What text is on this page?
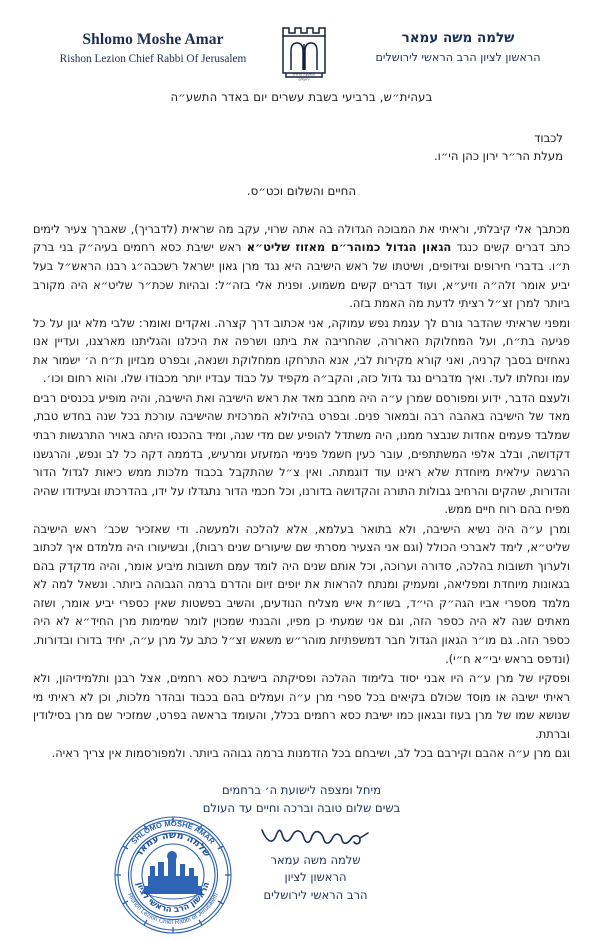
Shlomo Moshe Amar
Rishon Lezion Chief Rabbi Of Jerusalem
המועצה הדתית
ירושלים
שלמה משה עמאר
הראשון לציון הרב הראשי לירושלים
בעהית״ש, ברביעי בשבת עשרים יום באדר התשע״ה
לכבוד
מעלת הר״ר ירון כהן הי״ו.
החיים והשלום וכט״ס.

מכתבך אלי קיבלתי, וראיתי את המבוכה הגדולה בה אתה שרוי, עקב מה שראית (לדבריך), שאברך צעיר לימים כתב דברים קשים כנגד הגאון הגדול כמוהר״ם מאזוז שליט״א ראש ישיבת כסא רחמים בעיה״ק בני ברק ת״ו. בדברי חירופים וגידופים, ושיטתו של ראש הישיבה היא נגד מרן גאון ישראל רשכבה״ג רבנו הראש״ל בעל יביע אומר זלה״ה וזיע״א, ועוד דברים קשים משמוע. ופנית אלי בזה״ל: ובהיות שכת״ר שליט״א היה מקורב ביותר למרן זצ״ל רציתי לדעת מה האמת בזה.

ומפני שראיתי שהדבר גורם לך עגמת נפש עמוקה, אני אכתוב דרך קצרה. ואקדים ואומר: שלבי מלא יגון על כל פגיעה בת״ח, ועל המחלוקת הארורה, שהחריבה את ביתנו ושרפה את היכלנו והגליתנו מארצנו, ועדיין אנו נאחזים בסבך קרניה, ואני קורא מקירות לבי, אנא התרחקו ממחלוקת ושנאה, ובפרט מבזיון ת״ח ה׳ ישמור את עמו ונחלתו לעד. ואיך מדברים נגד גדול כזה, והקב״ה מקפיד על כבוד עבדיו יותר מכבודו שלו. והוא רחום וכו׳.

ולעצם הדבר, ידוע ומפורסם שמרן ע״ה היה מחבב מאד את ראש הישיבה ואת הישיבה, והיה מופיע בכנסים רבים מאד של הישיבה באהבה רבה ובמאור פנים. ובפרט בהילולא המרכזית שהישיבה עורכת בכל שנה בחדש טבת, שמלבד פעמים אחדות שנבצר ממנו, היה משתדל להופיע שם מדי שנה, ומיד בהכנסו היתה באויר התרגשות רבתי דקדושה, ובלב אלפי המשתתפים, עובר כעין חשמל פנימי המזעזע ומרעיש, בדממה דקה כל לב ונפש, והרגשנו הרגשה עילאית מיוחדת שלא ראינו עוד דוגמתה. ואין צ״ל שהתקבל בכבוד מלכות ממש כיאות לגדול הדור והדורות, שהקים והרחיב גבולות התורה והקדושה בדורנו, וכל חכמי הדור נתגדלו על ידו, בהדרכתו ובעידודו שהיה מפיח בהם רוח חיים ממש.

ומרן ע״ה היה נשיא הישיבה, ולא בתואר בעלמא, אלא להלכה ולמעשה. ודי שאזכיר שכב׳ ראש הישיבה שליט״א, לימד לאברכי הכולל (וגם אני הצעיר מסרתי שם שיעורים שנים רבות), ובשיעורו היה מלמדם איך לכתוב ולערוך תשובות בהלכה, סדורה וערוכה, וכל אותם שנים היה לומד עמם תשובות מיביע אומר, והיה מדקדק בהם בגאונות מיוחדת ומפליאה, ומעמיק ומנתח להראות את יופים זיום והדרם ברמה הגבוהה ביותר. ונשאל למה לא מלמד מספרי אביו הגה״ק הי״ד, בשו״ת איש מצליח הנודעים, והשיב בפשטות שאין כספרי יביע אומר, ושזה מאתים שנה לא היה כספר הזה, וגם אני שמעתי כן מפיו, והבנתי שמכוין לומר שמימות מרן החיד״א לא היה כספר הזה. גם מו״ר הגאון הגדול חבר דמשפתיזת מוהר״ש משאש זצ״ל כתב על מרן ע״ה, יחיד בדורו ובדורות. (ונדפס בראש יבי״א ח״י).

ופסקיו של מרן ע״ה היו אבני יסוד בלימוד ההלכה ופסיקתה בישיבת כסא רחמים, אצל רבנן ותלמידיהון, ולא ראיתי ישיבה או מוסד שכולם בקיאים בכל ספרי מרן ע״ה ועמלים בהם בכבוד ובהדר מלכות, וכן לא ראיתי מי שנושא שמו של מרן בעוז ובגאון כמו ישיבת כסא רחמים בכלל, והעומד בראשה בפרט, שמזכיר שם מרן בסילודין וברתת.

וגם מרן ע״ה אהבם וקירבם בכל לב, ושיבחם בכל הזדמנות ברמה גבוהה ביותר. ולמפורסמות אין צריך ראיה.

מיחל ומצפה לישועת ה׳ ברחמים
בשים שלום טובה וברכה וחיים עד העולם
שלמה משה עמאר
הראשון הרב הראשי לציון
SHLOMO MOSHE AMAR
Rishon Lezion Chief Rabbi of Jerusalem
שלמה משה עמאר
הראשון לציון
הרב הראשי לירושלים
